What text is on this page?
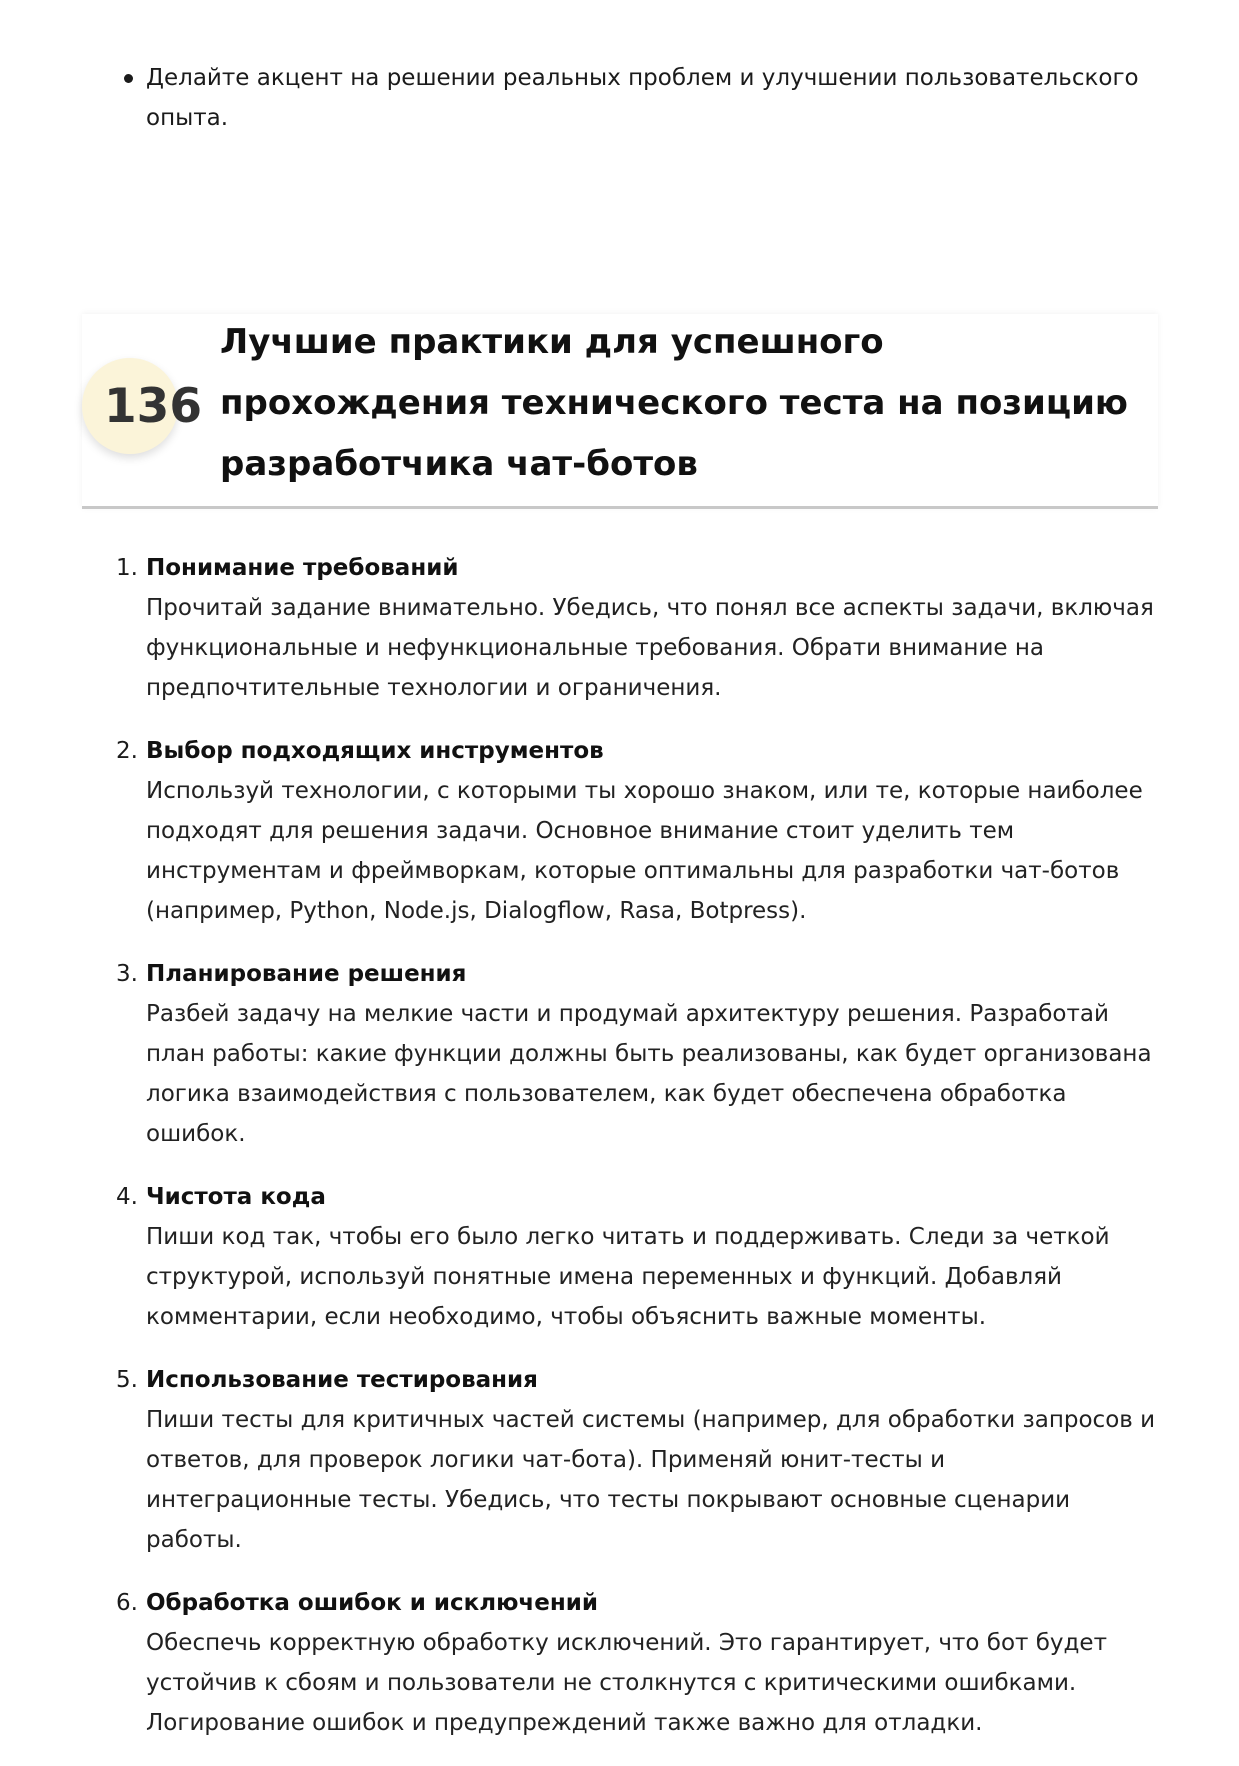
Делайте акцент на решении реальных проблем и улучшении пользовательского опыта.
136
Лучшие практики для успешного прохождения технического теста на позицию разработчика чат-ботов
1. Понимание требований
Прочитай задание внимательно. Убедись, что понял все аспекты задачи, включая функциональные и нефункциональные требования. Обрати внимание на предпочтительные технологии и ограничения.
2. Выбор подходящих инструментов
Используй технологии, с которыми ты хорошо знаком, или те, которые наиболее подходят для решения задачи. Основное внимание стоит уделить тем инструментам и фреймворкам, которые оптимальны для разработки чат-ботов (например, Python, Node.js, Dialogflow, Rasa, Botpress).
3. Планирование решения
Разбей задачу на мелкие части и продумай архитектуру решения. Разработай план работы: какие функции должны быть реализованы, как будет организована логика взаимодействия с пользователем, как будет обеспечена обработка ошибок.
4. Чистота кода
Пиши код так, чтобы его было легко читать и поддерживать. Следи за четкой структурой, используй понятные имена переменных и функций. Добавляй комментарии, если необходимо, чтобы объяснить важные моменты.
5. Использование тестирования
Пиши тесты для критичных частей системы (например, для обработки запросов и ответов, для проверок логики чат-бота). Применяй юнит-тесты и интеграционные тесты. Убедись, что тесты покрывают основные сценарии работы.
6. Обработка ошибок и исключений
Обеспечь корректную обработку исключений. Это гарантирует, что бот будет устойчив к сбоям и пользователи не столкнутся с критическими ошибками. Логирование ошибок и предупреждений также важно для отладки.
